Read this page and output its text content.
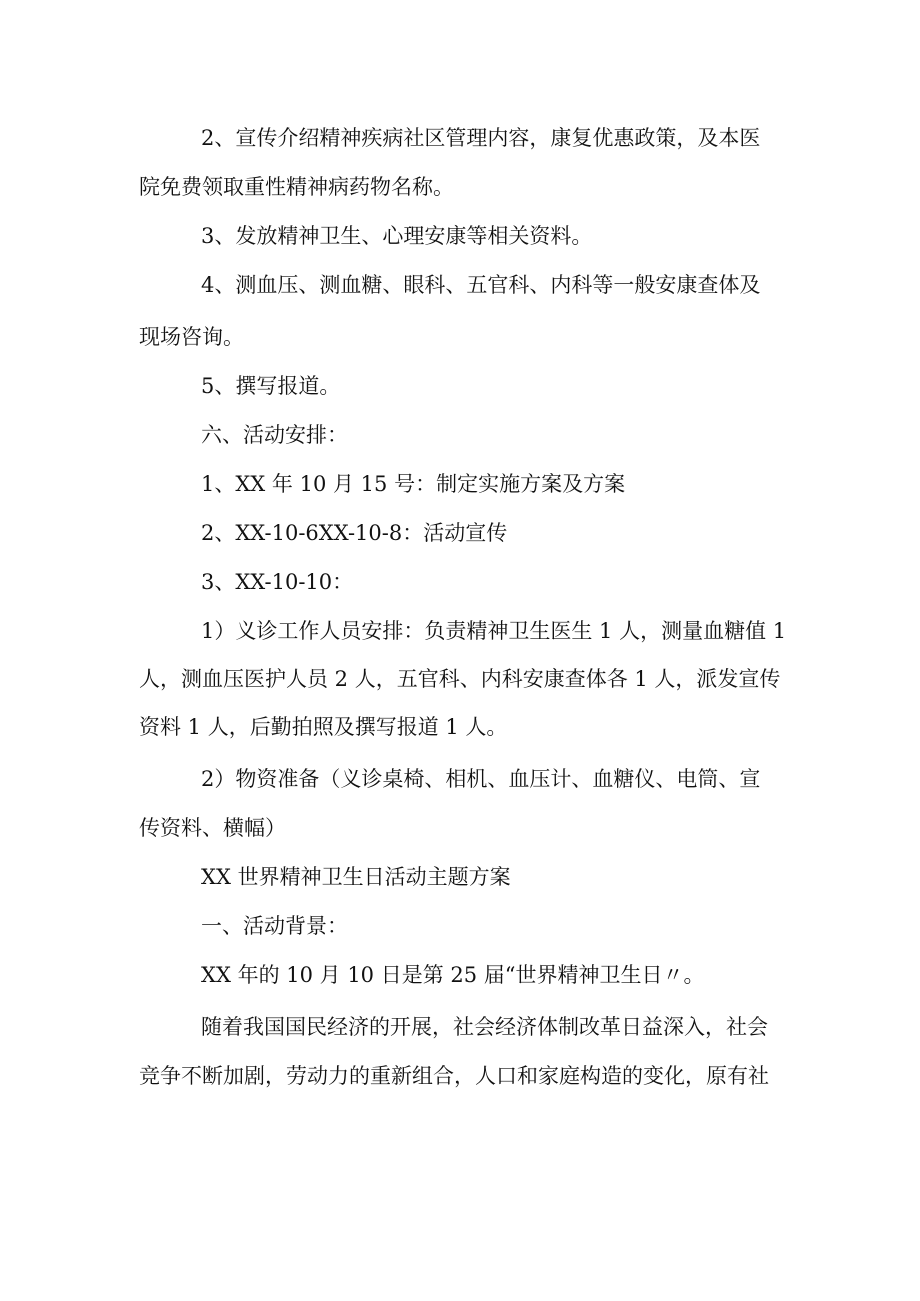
2、宣传介绍精神疾病社区管理内容，康复优惠政策，及本医
院免费领取重性精神病药物名称。
3、发放精神卫生、心理安康等相关资料。
4、测血压、测血糖、眼科、五官科、内科等一般安康查体及
现场咨询。
5、撰写报道。
六、活动安排：
1、XX 年 10 月 15 号：制定实施方案及方案
2、XX-10-6XX-10-8：活动宣传
3、XX-10-10：
1）义诊工作人员安排：负责精神卫生医生 1 人，测量血糖值 1
人，测血压医护人员 2 人，五官科、内科安康查体各 1 人，派发宣传
资料 1 人，后勤拍照及撰写报道 1 人。
2）物资准备（义诊桌椅、相机、血压计、血糖仪、电筒、宣
传资料、横幅）
XX 世界精神卫生日活动主题方案
一、活动背景：
XX 年的 10 月 10 日是第 25 届“世界精神卫生日〃。
随着我国国民经济的开展，社会经济体制改革日益深入，社会
竞争不断加剧，劳动力的重新组合，人口和家庭构造的变化，原有社
